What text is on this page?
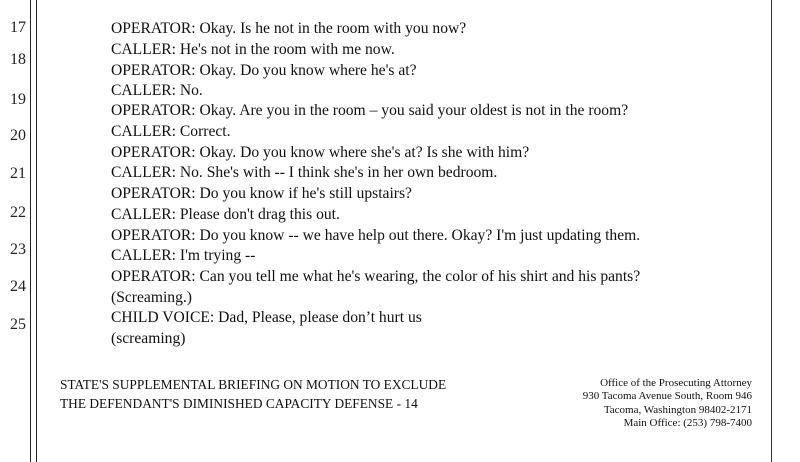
17
18
19
20
21
22
23
24
25
OPERATOR: Okay. Is he not in the room with you now?
CALLER: He's not in the room with me now.
OPERATOR: Okay. Do you know where he's at?
CALLER: No.
OPERATOR: Okay. Are you in the room – you said your oldest is not in the room?
CALLER: Correct.
OPERATOR: Okay. Do you know where she's at? Is she with him?
CALLER: No. She's with -- I think she's in her own bedroom.
OPERATOR: Do you know if he's still upstairs?
CALLER: Please don't drag this out.
OPERATOR: Do you know -- we have help out there. Okay? I'm just updating them.
CALLER: I'm trying --
OPERATOR: Can you tell me what he's wearing, the color of his shirt and his pants?
(Screaming.)
CHILD VOICE: Dad, Please, please don’t hurt us
(screaming)
STATE'S SUPPLEMENTAL BRIEFING ON MOTION TO EXCLUDE
THE DEFENDANT'S DIMINISHED CAPACITY DEFENSE - 14
Office of the Prosecuting Attorney
930 Tacoma Avenue South, Room 946
Tacoma, Washington 98402-2171
Main Office: (253) 798-7400
